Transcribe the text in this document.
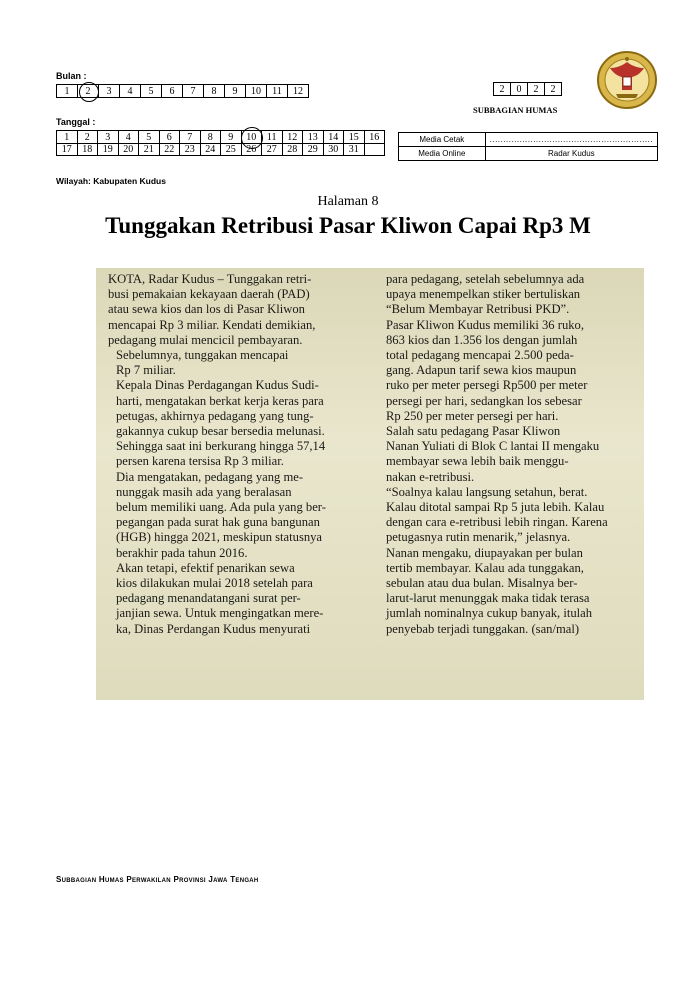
Bulan :
1	2	3	4	5	6	7	8	9	10	11	12	2	0	2	2
SUBBAGIAN HUMAS
Tanggal :
1	2	3	4	5	6	7	8	9	10	11	12	13	14	15	16
17	18	19	20	21	22	23	24	25	26	27	28	29	30	31
Media Cetak	............................................................
Media Online	Radar Kudus
Wilayah: Kabupaten Kudus
Halaman 8
Tunggakan Retribusi Pasar Kliwon Capai Rp3 M

KOTA, Radar Kudus – Tunggakan retri-
busi pemakaian kekayaan daerah (PAD)
atau sewa kios dan los di Pasar Kliwon
mencapai Rp 3 miliar. Kendati demikian,
pedagang mulai mencicil pembayaran.

Sebelumnya, tunggakan mencapai
Rp 7 miliar.

Kepala Dinas Perdagangan Kudus Sudi-
harti, mengatakan berkat kerja keras para
petugas, akhirnya pedagang yang tung-
gakannya cukup besar bersedia melunasi.
Sehingga saat ini berkurang hingga 57,14
persen karena tersisa Rp 3 miliar.

Dia mengatakan, pedagang yang me-
nunggak masih ada yang beralasan
belum memiliki uang. Ada pula yang ber-
pegangan pada surat hak guna bangunan
(HGB) hingga 2021, meskipun statusnya
berakhir pada tahun 2016.

Akan tetapi, efektif penarikan sewa
kios dilakukan mulai 2018 setelah para
pedagang menandatangani surat per-
janjian sewa. Untuk mengingatkan mere-
ka, Dinas Perdangan Kudus menyurati

para pedagang, setelah sebelumnya ada
upaya menempelkan stiker bertuliskan
“Belum Membayar Retribusi PKD”.

Pasar Kliwon Kudus memiliki 36 ruko,
863 kios dan 1.356 los dengan jumlah
total pedagang mencapai 2.500 peda-
gang. Adapun tarif sewa kios maupun
ruko per meter persegi Rp500 per meter
persegi per hari, sedangkan los sebesar
Rp 250 per meter persegi per hari.

Salah satu pedagang Pasar Kliwon
Nanan Yuliati di Blok C lantai II mengaku
membayar sewa lebih baik menggu-
nakan e-retribusi.

“Soalnya kalau langsung setahun, berat.
Kalau ditotal sampai Rp 5 juta lebih. Kalau
dengan cara e-retribusi lebih ringan. Karena
petugasnya rutin menarik,” jelasnya.

Nanan mengaku, diupayakan per bulan
tertib membayar. Kalau ada tunggakan,
sebulan atau dua bulan. Misalnya ber-
larut-larut menunggak maka tidak terasa
jumlah nominalnya cukup banyak, itulah
penyebab terjadi tunggakan. (san/mal)

Subbagian Humas Perwakilan Provinsi Jawa Tengah
